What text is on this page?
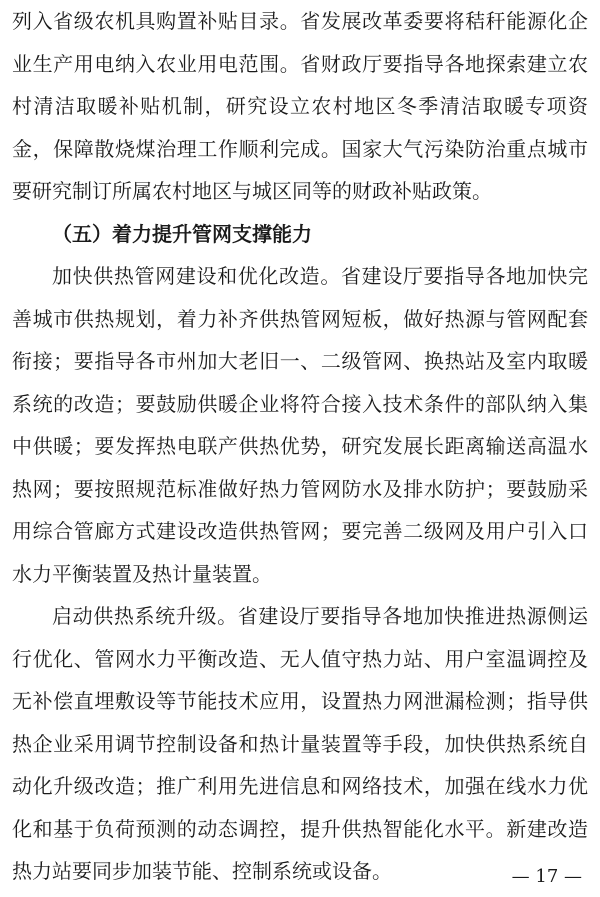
列入省级农机具购置补贴目录。省发展改革委要将秸秆能源化企
业生产用电纳入农业用电范围。省财政厅要指导各地探索建立农
村清洁取暖补贴机制，研究设立农村地区冬季清洁取暖专项资
金，保障散烧煤治理工作顺利完成。国家大气污染防治重点城市
要研究制订所属农村地区与城区同等的财政补贴政策。
（五）着力提升管网支撑能力
加快供热管网建设和优化改造。省建设厅要指导各地加快完
善城市供热规划，着力补齐供热管网短板，做好热源与管网配套
衔接；要指导各市州加大老旧一、二级管网、换热站及室内取暖
系统的改造；要鼓励供暖企业将符合接入技术条件的部队纳入集
中供暖；要发挥热电联产供热优势，研究发展长距离输送高温水
热网；要按照规范标准做好热力管网防水及排水防护；要鼓励采
用综合管廊方式建设改造供热管网；要完善二级网及用户引入口
水力平衡装置及热计量装置。
启动供热系统升级。省建设厅要指导各地加快推进热源侧运
行优化、管网水力平衡改造、无人值守热力站、用户室温调控及
无补偿直埋敷设等节能技术应用，设置热力网泄漏检测；指导供
热企业采用调节控制设备和热计量装置等手段，加快供热系统自
动化升级改造；推广利用先进信息和网络技术，加强在线水力优
化和基于负荷预测的动态调控，提升供热智能化水平。新建改造
热力站要同步加装节能、控制系统或设备。	— 17 —
